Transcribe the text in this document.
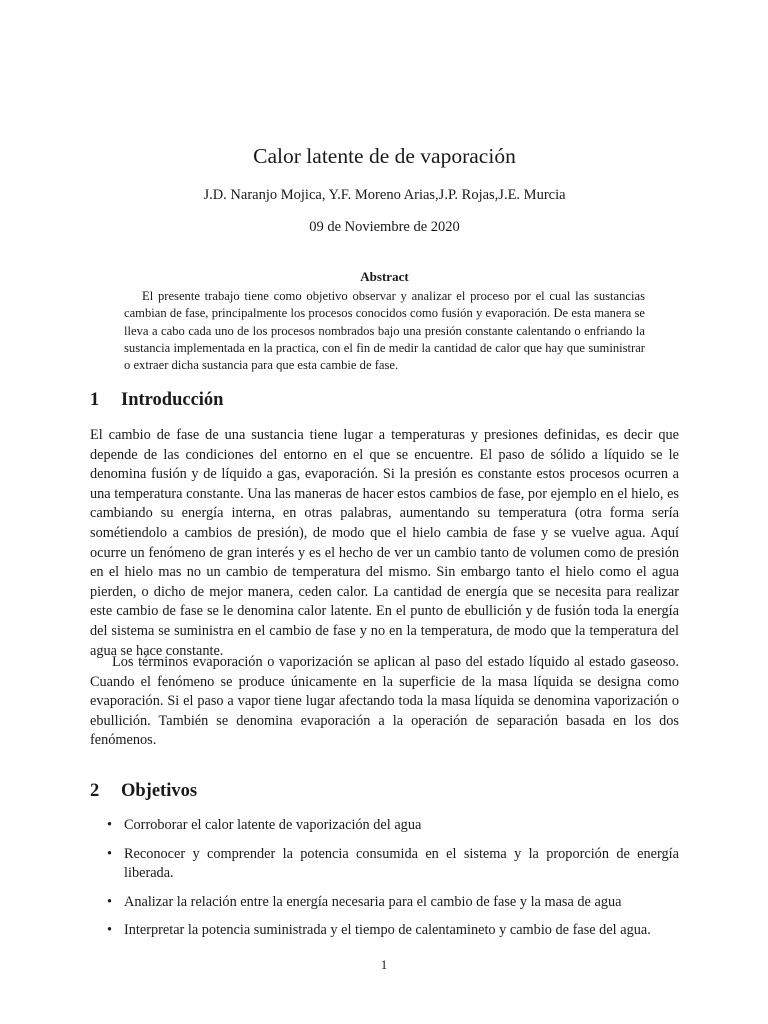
Calor latente de de vaporación
J.D. Naranjo Mojica, Y.F. Moreno Arias,J.P. Rojas,J.E. Murcia
09 de Noviembre de 2020
Abstract
El presente trabajo tiene como objetivo observar y analizar el proceso por el cual las sustancias cambian de fase, principalmente los procesos conocidos como fusión y evaporación. De esta manera se lleva a cabo cada uno de los procesos nombrados bajo una presión constante calentando o enfriando la sustancia implementada en la practica, con el fin de medir la cantidad de calor que hay que suministrar o extraer dicha sustancia para que esta cambie de fase.
1 Introducción
El cambio de fase de una sustancia tiene lugar a temperaturas y presiones definidas, es decir que depende de las condiciones del entorno en el que se encuentre. El paso de sólido a líquido se le denomina fusión y de líquido a gas, evaporación. Si la presión es constante estos procesos ocurren a una temperatura constante. Una las maneras de hacer estos cambios de fase, por ejemplo en el hielo, es cambiando su energía interna, en otras palabras, aumentando su temperatura (otra forma sería sométiendolo a cambios de presión), de modo que el hielo cambia de fase y se vuelve agua. Aquí ocurre un fenómeno de gran interés y es el hecho de ver un cambio tanto de volumen como de presión en el hielo mas no un cambio de temperatura del mismo. Sin embargo tanto el hielo como el agua pierden, o dicho de mejor manera, ceden calor. La cantidad de energía que se necesita para realizar este cambio de fase se le denomina calor latente. En el punto de ebullición y de fusión toda la energía del sistema se suministra en el cambio de fase y no en la temperatura, de modo que la temperatura del agua se hace constante.
Los términos evaporación o vaporización se aplican al paso del estado líquido al estado gaseoso. Cuando el fenómeno se produce únicamente en la superficie de la masa líquida se designa como evaporación. Si el paso a vapor tiene lugar afectando toda la masa líquida se denomina vaporización o ebullición. También se denomina evaporación a la operación de separación basada en los dos fenómenos.
2 Objetivos
• Corroborar el calor latente de vaporización del agua
• Reconocer y comprender la potencia consumida en el sistema y la proporción de energía liberada.
• Analizar la relación entre la energía necesaria para el cambio de fase y la masa de agua
• Interpretar la potencia suministrada y el tiempo de calentamineto y cambio de fase del agua.
1
